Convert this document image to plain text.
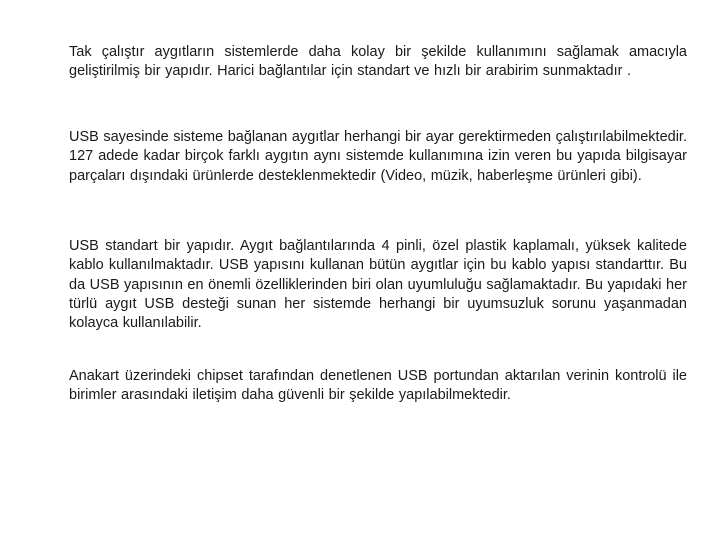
Tak çalıştır aygıtların sistemlerde daha kolay bir şekilde kullanımını sağlamak amacıyla geliştirilmiş bir yapıdır. Harici bağlantılar için standart ve hızlı bir arabirim sunmaktadır .

USB sayesinde sisteme bağlanan aygıtlar herhangi bir ayar gerektirmeden çalıştırılabilmektedir. 127 adede kadar birçok farklı aygıtın aynı sistemde kullanımına izin veren bu yapıda bilgisayar parçaları dışındaki ürünlerde desteklenmektedir (Video, müzik, haberleşme ürünleri gibi).

USB standart bir yapıdır. Aygıt bağlantılarında 4 pinli, özel plastik kaplamalı, yüksek kalitede kablo kullanılmaktadır. USB yapısını kullanan bütün aygıtlar için bu kablo yapısı standarttır. Bu da USB yapısının en önemli özelliklerinden biri olan uyumluluğu sağlamaktadır. Bu yapıdaki her türlü aygıt USB desteği sunan her sistemde herhangi bir uyumsuzluk sorunu yaşanmadan kolayca kullanılabilir.

Anakart üzerindeki chipset tarafından denetlenen USB portundan aktarılan verinin kontrolü ile birimler arasındaki iletişim daha güvenli bir şekilde yapılabilmektedir.
